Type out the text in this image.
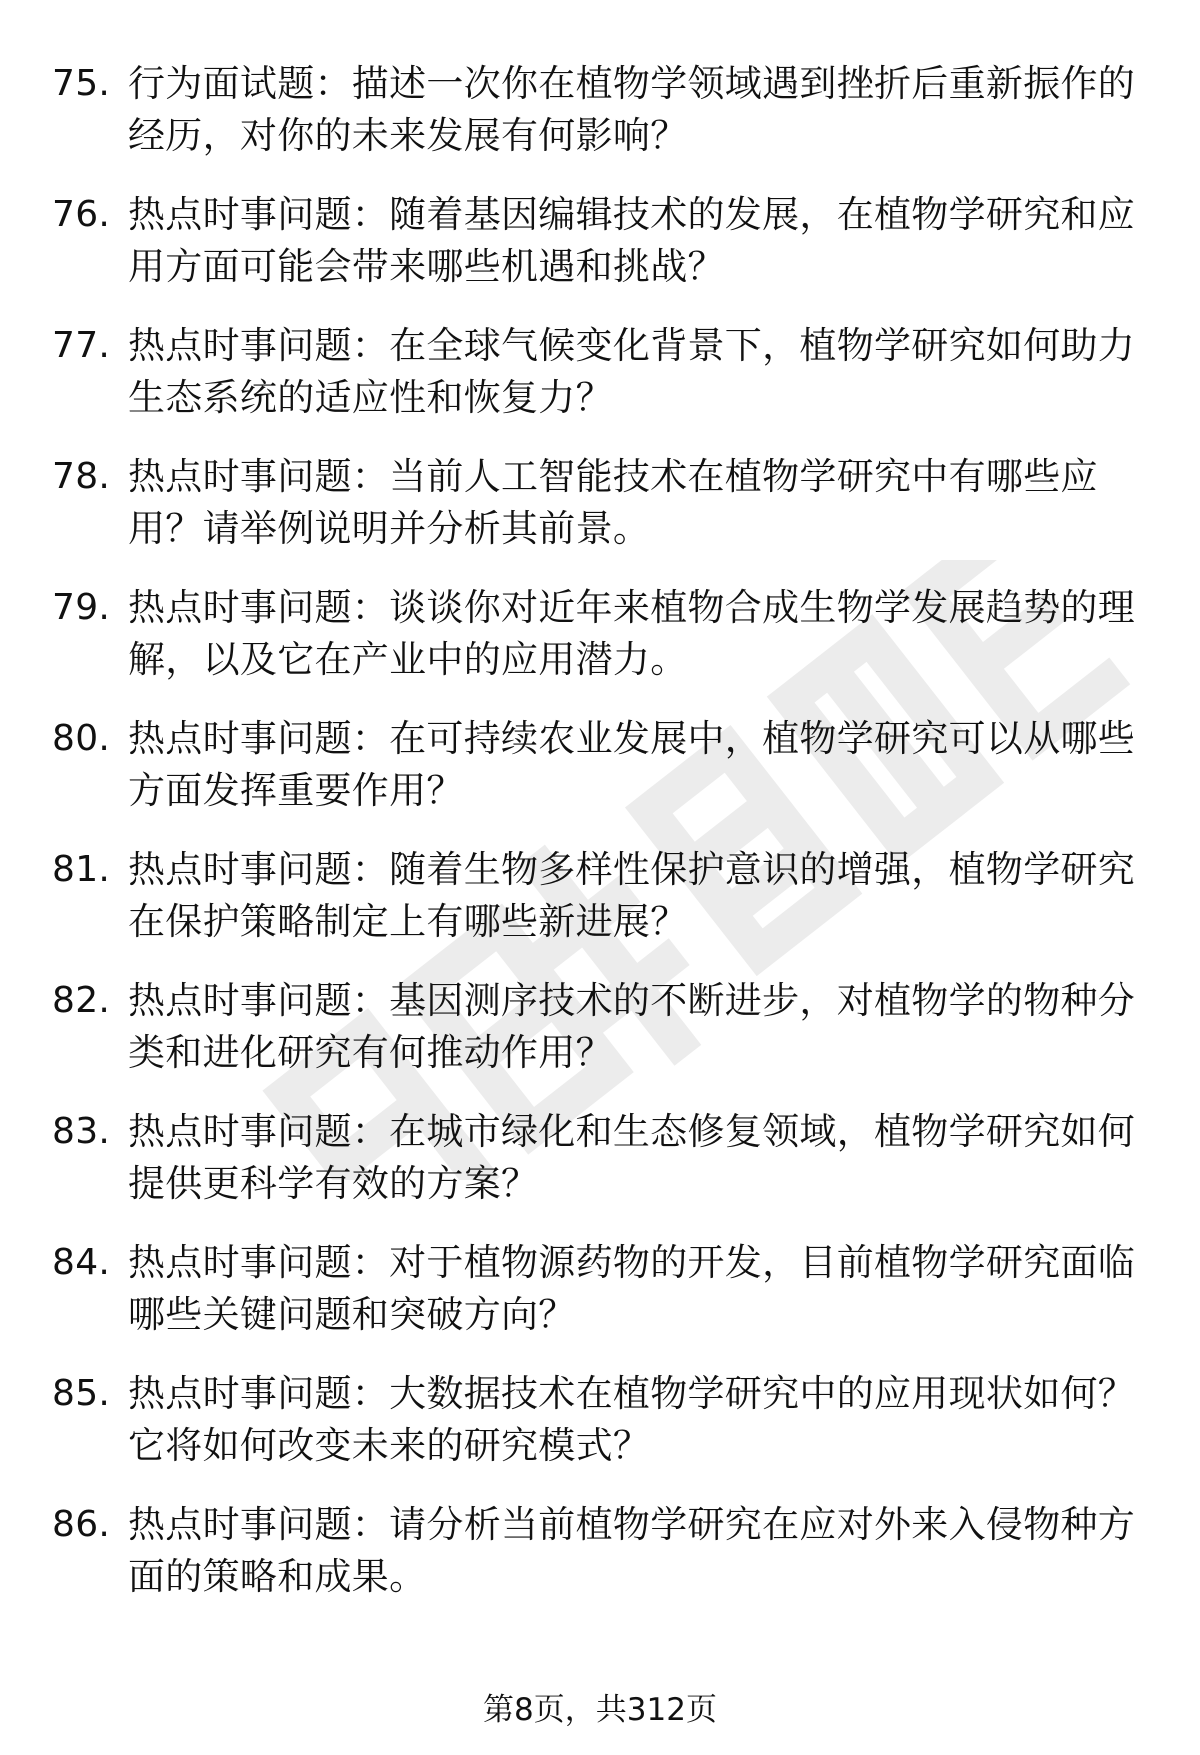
75. 行为面试题：描述一次你在植物学领域遇到挫折后重新振作的经历，对你的未来发展有何影响？
76. 热点时事问题：随着基因编辑技术的发展，在植物学研究和应用方面可能会带来哪些机遇和挑战？
77. 热点时事问题：在全球气候变化背景下，植物学研究如何助力生态系统的适应性和恢复力？
78. 热点时事问题：当前人工智能技术在植物学研究中有哪些应用？请举例说明并分析其前景。
79. 热点时事问题：谈谈你对近年来植物合成生物学发展趋势的理解，以及它在产业中的应用潜力。
80. 热点时事问题：在可持续农业发展中，植物学研究可以从哪些方面发挥重要作用？
81. 热点时事问题：随着生物多样性保护意识的增强，植物学研究在保护策略制定上有哪些新进展？
82. 热点时事问题：基因测序技术的不断进步，对植物学的物种分类和进化研究有何推动作用？
83. 热点时事问题：在城市绿化和生态修复领域，植物学研究如何提供更科学有效的方案？
84. 热点时事问题：对于植物源药物的开发，目前植物学研究面临哪些关键问题和突破方向？
85. 热点时事问题：大数据技术在植物学研究中的应用现状如何？它将如何改变未来的研究模式？
86. 热点时事问题：请分析当前植物学研究在应对外来入侵物种方面的策略和成果。
第8页，共312页
